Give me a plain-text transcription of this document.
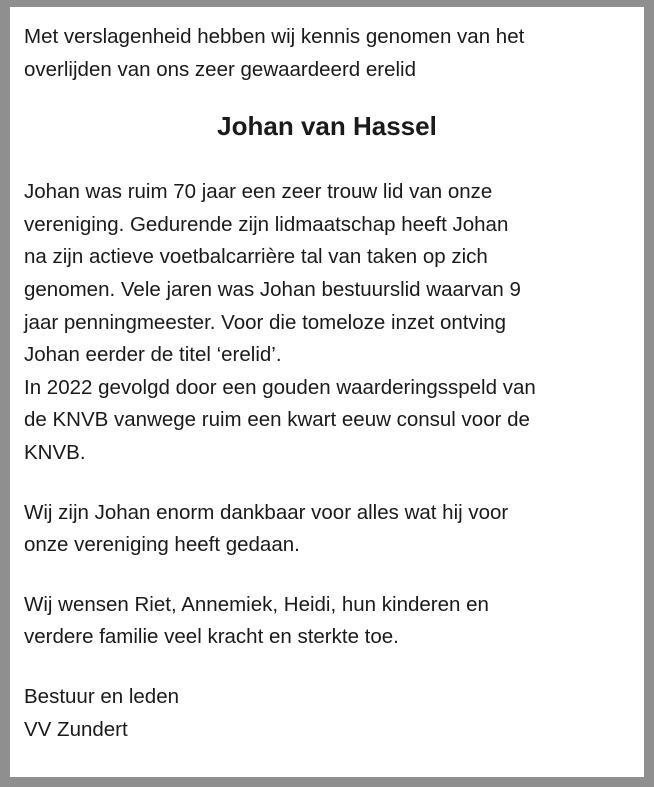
Met verslagenheid hebben wij kennis genomen van het
overlijden van ons zeer gewaardeerd erelid

Johan van Hassel

Johan was ruim 70 jaar een zeer trouw lid van onze
vereniging. Gedurende zijn lidmaatschap heeft Johan
na zijn actieve voetbalcarrière tal van taken op zich
genomen. Vele jaren was Johan bestuurslid waarvan 9
jaar penningmeester. Voor die tomeloze inzet ontving
Johan eerder de titel ‘erelid’.
In 2022 gevolgd door een gouden waarderingsspeld van
de KNVB vanwege ruim een kwart eeuw consul voor de
KNVB.

Wij zijn Johan enorm dankbaar voor alles wat hij voor
onze vereniging heeft gedaan.

Wij wensen Riet, Annemiek, Heidi, hun kinderen en
verdere familie veel kracht en sterkte toe.

Bestuur en leden
VV Zundert
